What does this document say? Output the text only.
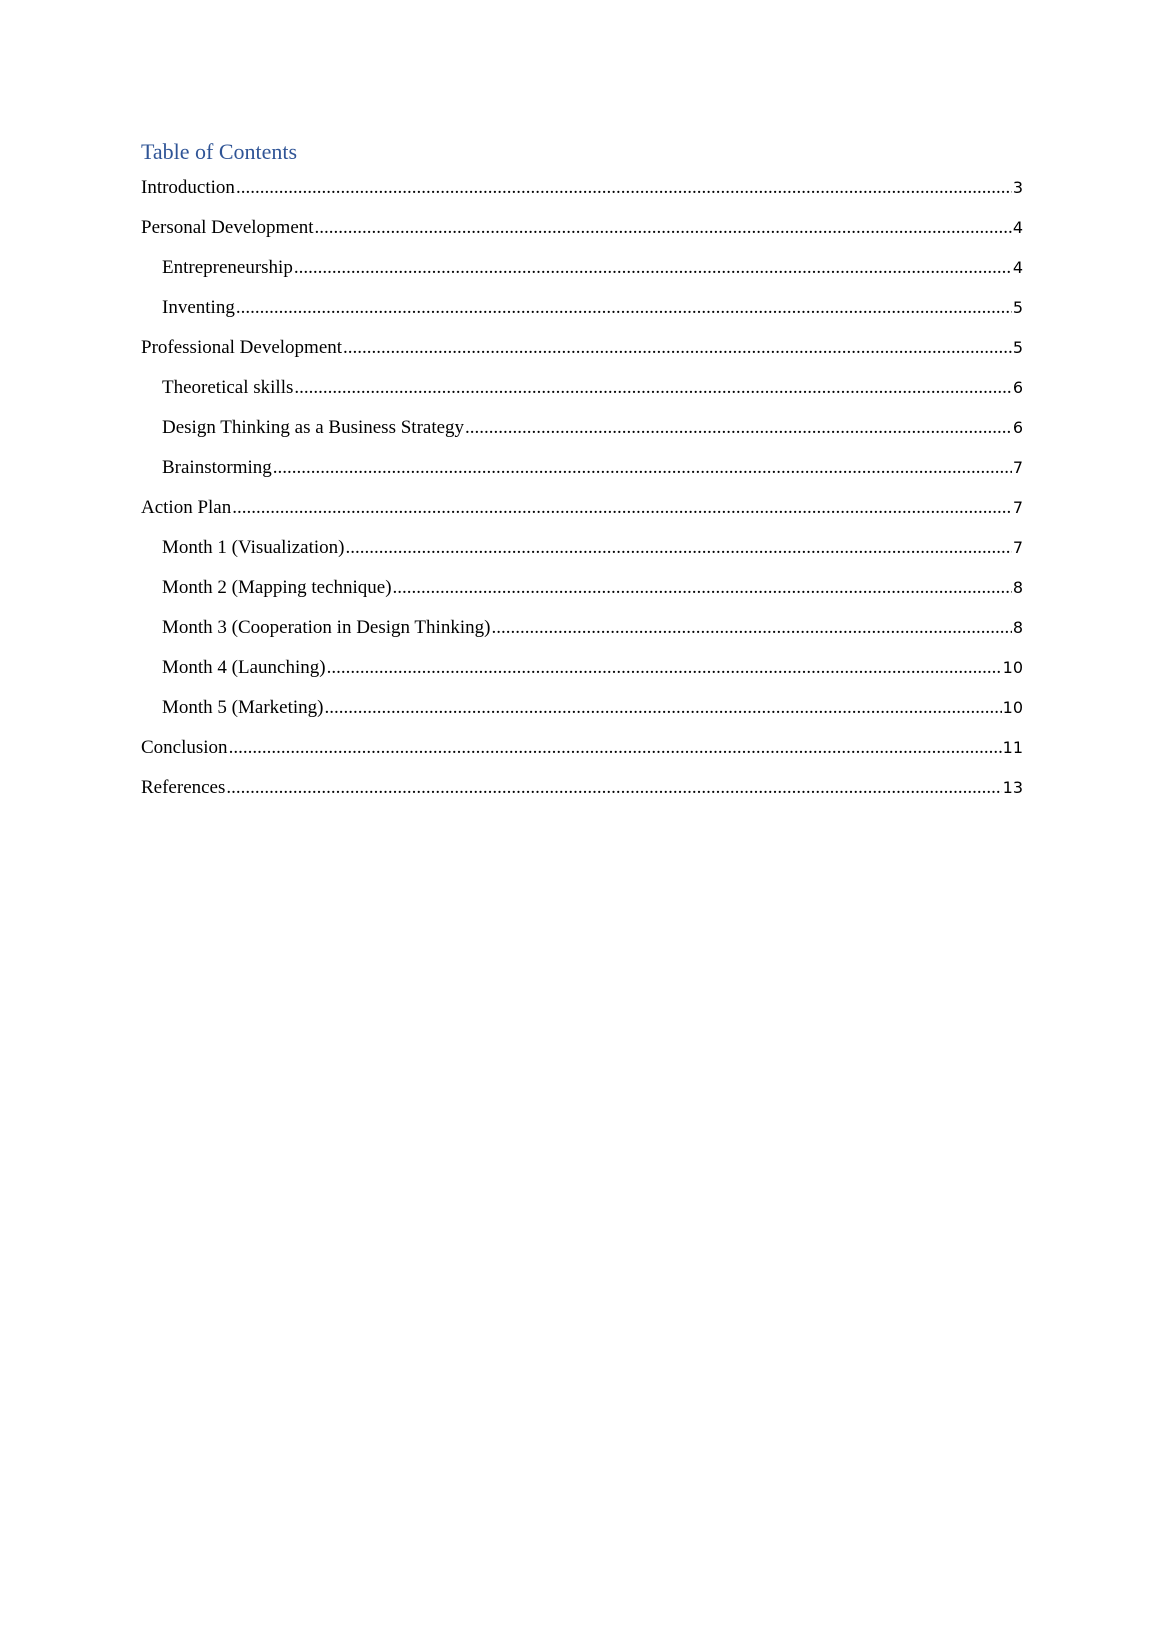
Table of Contents
Introduction .....	3
Personal Development .....	4
Entrepreneurship .....	4
Inventing .....	5
Professional Development .....	5
Theoretical skills .....	6
Design Thinking as a Business Strategy .....	6
Brainstorming .....	7
Action Plan .....	7
Month 1 (Visualization) .....	7
Month 2 (Mapping technique) .....	8
Month 3 (Cooperation in Design Thinking) .....	8
Month 4 (Launching) .....	10
Month 5 (Marketing) .....	10
Conclusion .....	11
References .....	13
